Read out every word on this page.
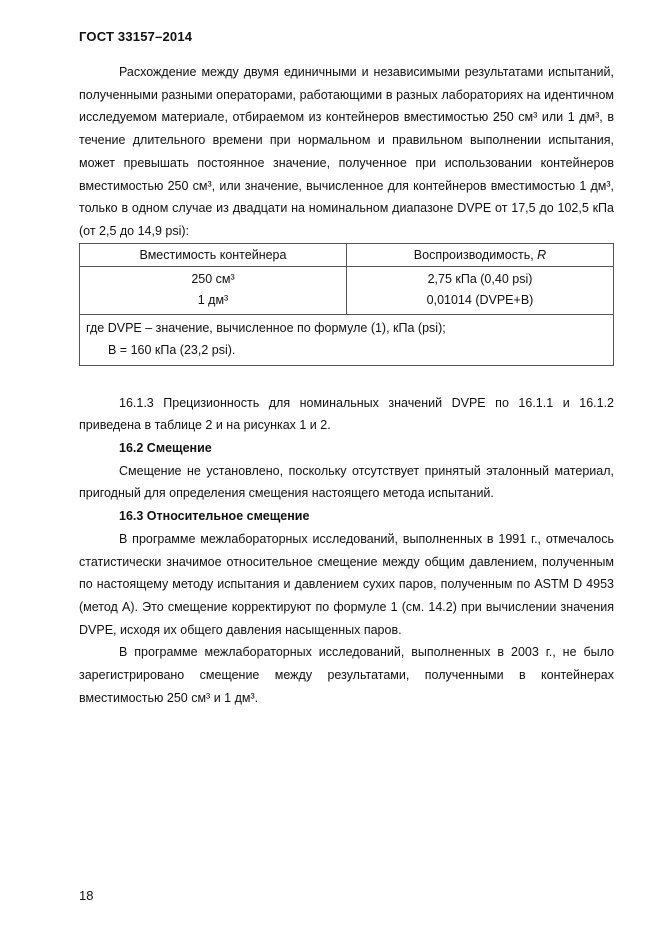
ГОСТ 33157–2014

Расхождение между двумя единичными и независимыми результатами испытаний, полученными разными операторами, работающими в разных лабораториях на идентичном исследуемом материале, отбираемом из контейнеров вместимостью 250 см³ или 1 дм³, в течение длительного времени при нормальном и правильном выполнении испытания, может превышать постоянное значение, полученное при использовании контейнеров вместимостью 250 см³, или значение, вычисленное для контейнеров вместимостью 1 дм³, только в одном случае из двадцати на номинальном диапазоне DVPE от 17,5 до 102,5 кПа (от 2,5 до 14,9 psi):

Вместимость контейнера	Воспроизводимость, R
250 см³	2,75 кПа (0,40 psi)
1 дм³	0,01014 (DVPE+B)

где DVPE – значение, вычисленное по формуле (1), кПа (psi);
B = 160 кПа (23,2 psi).	

16.1.3 Прецизионность для номинальных значений DVPE по 16.1.1 и 16.1.2 приведена в таблице 2 и на рисунках 1 и 2.

16.2 Смещение

Смещение не установлено, поскольку отсутствует принятый эталонный материал, пригодный для определения смещения настоящего метода испытаний.

16.3 Относительное смещение

В программе межлабораторных исследований, выполненных в 1991 г., отмечалось статистически значимое относительное смещение между общим давлением, полученным по настоящему методу испытания и давлением сухих паров, полученным по ASTM D 4953 (метод A). Это смещение корректируют по формуле 1 (см. 14.2) при вычислении значения DVPE, исходя их общего давления насыщенных паров.

В программе межлабораторных исследований, выполненных в 2003 г., не было зарегистрировано смещение между результатами, полученными в контейнерах вместимостью 250 см³ и 1 дм³.

18
